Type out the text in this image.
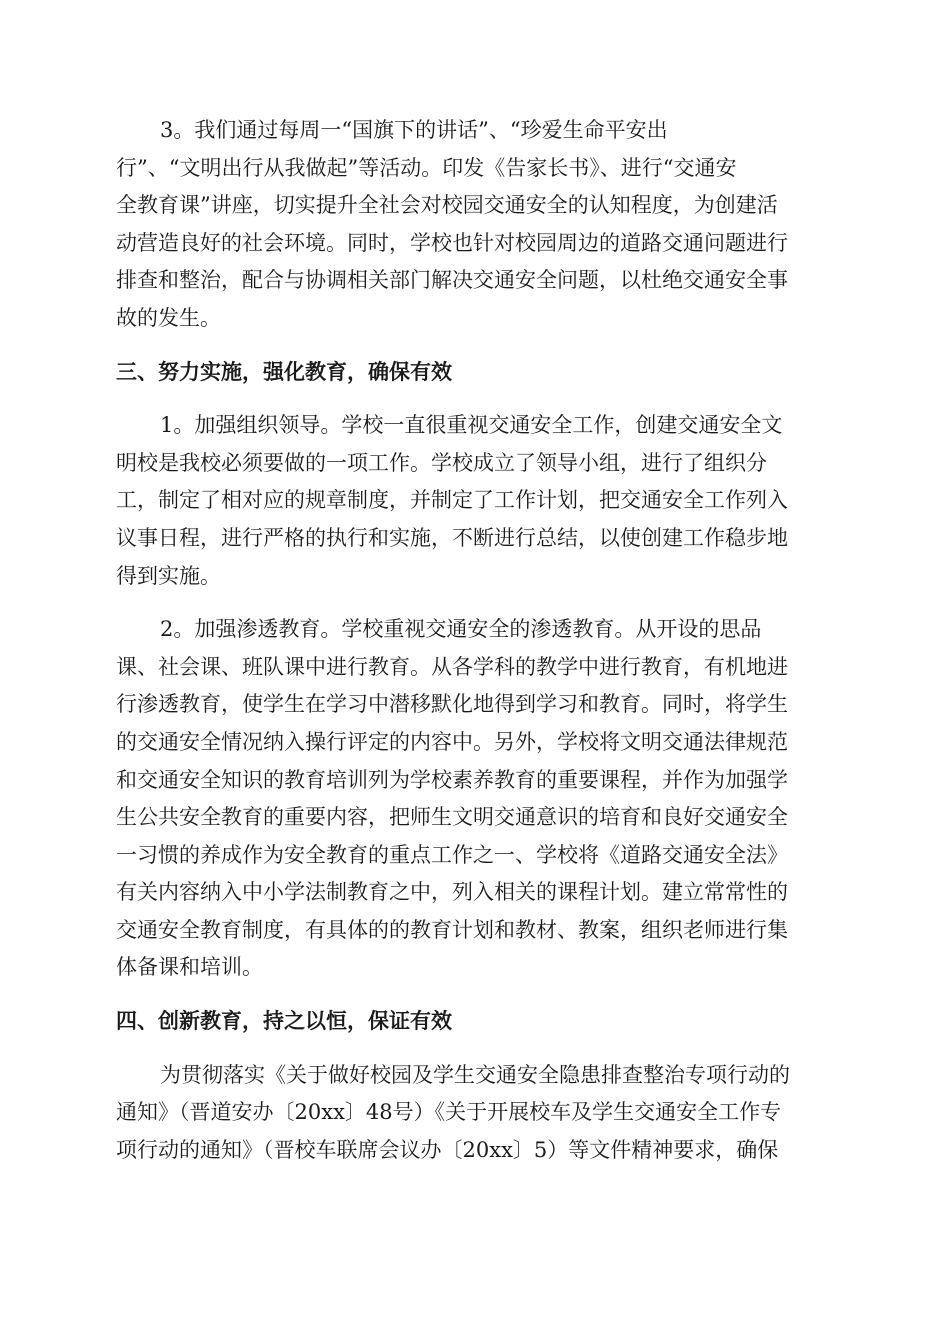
3。我们通过每周一“国旗下的讲话”、“珍爱生命平安出
行”、“文明出行从我做起”等活动。印发《告家长书》、进行“交通安
全教育课”讲座，切实提升全社会对校园交通安全的认知程度，为创建活
动营造良好的社会环境。同时，学校也针对校园周边的道路交通问题进行
排查和整治，配合与协调相关部门解决交通安全问题，以杜绝交通安全事
故的发生。
三、努力实施，强化教育，确保有效
1。加强组织领导。学校一直很重视交通安全工作，创建交通安全文
明校是我校必须要做的一项工作。学校成立了领导小组，进行了组织分
工，制定了相对应的规章制度，并制定了工作计划，把交通安全工作列入
议事日程，进行严格的执行和实施，不断进行总结，以使创建工作稳步地
得到实施。
2。加强渗透教育。学校重视交通安全的渗透教育。从开设的思品
课、社会课、班队课中进行教育。从各学科的教学中进行教育，有机地进
行渗透教育，使学生在学习中潜移默化地得到学习和教育。同时，将学生
的交通安全情况纳入操行评定的内容中。另外，学校将文明交通法律规范
和交通安全知识的教育培训列为学校素养教育的重要课程，并作为加强学
生公共安全教育的重要内容，把师生文明交通意识的培育和良好交通安全
一习惯的养成作为安全教育的重点工作之一、学校将《道路交通安全法》
有关内容纳入中小学法制教育之中，列入相关的课程计划。建立常常性的
交通安全教育制度，有具体的的教育计划和教材、教案，组织老师进行集
体备课和培训。
四、创新教育，持之以恒，保证有效
为贯彻落实《关于做好校园及学生交通安全隐患排查整治专项行动的
通知》（晋道安办〔20xx〕48号）《关于开展校车及学生交通安全工作专
项行动的通知》（晋校车联席会议办〔20xx〕5）等文件精神要求，确保
